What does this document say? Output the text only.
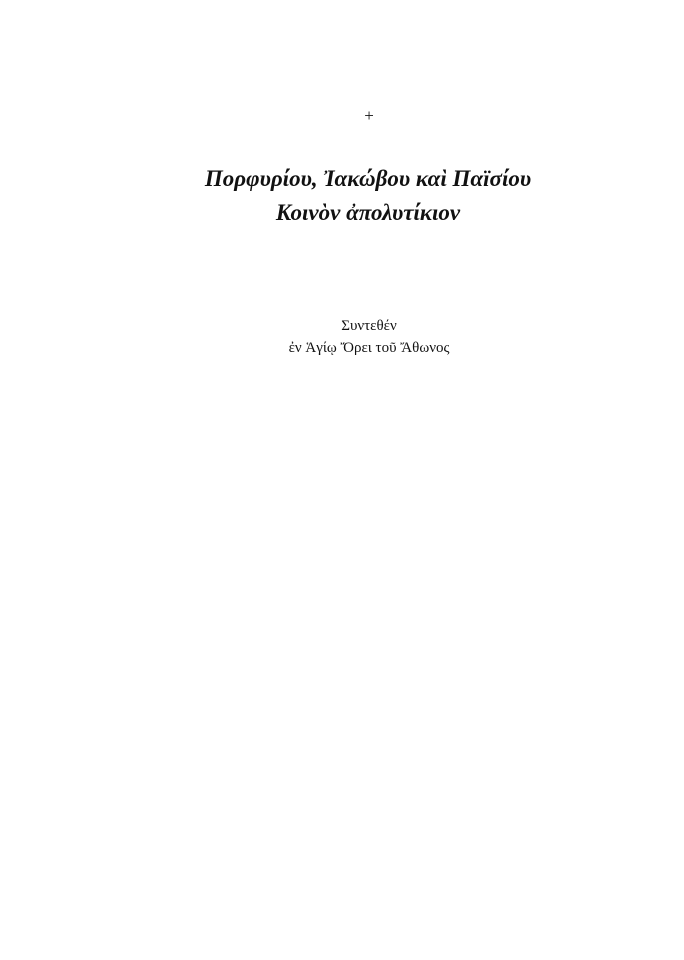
+
Πορφυρίου, Ἰακώβου καὶ Παϊσίου
Κοινὸν ἀπολυτίκιον
Συντεθέν
ἐν Ἁγίῳ Ὄρει τοῦ Ἄθωνος
